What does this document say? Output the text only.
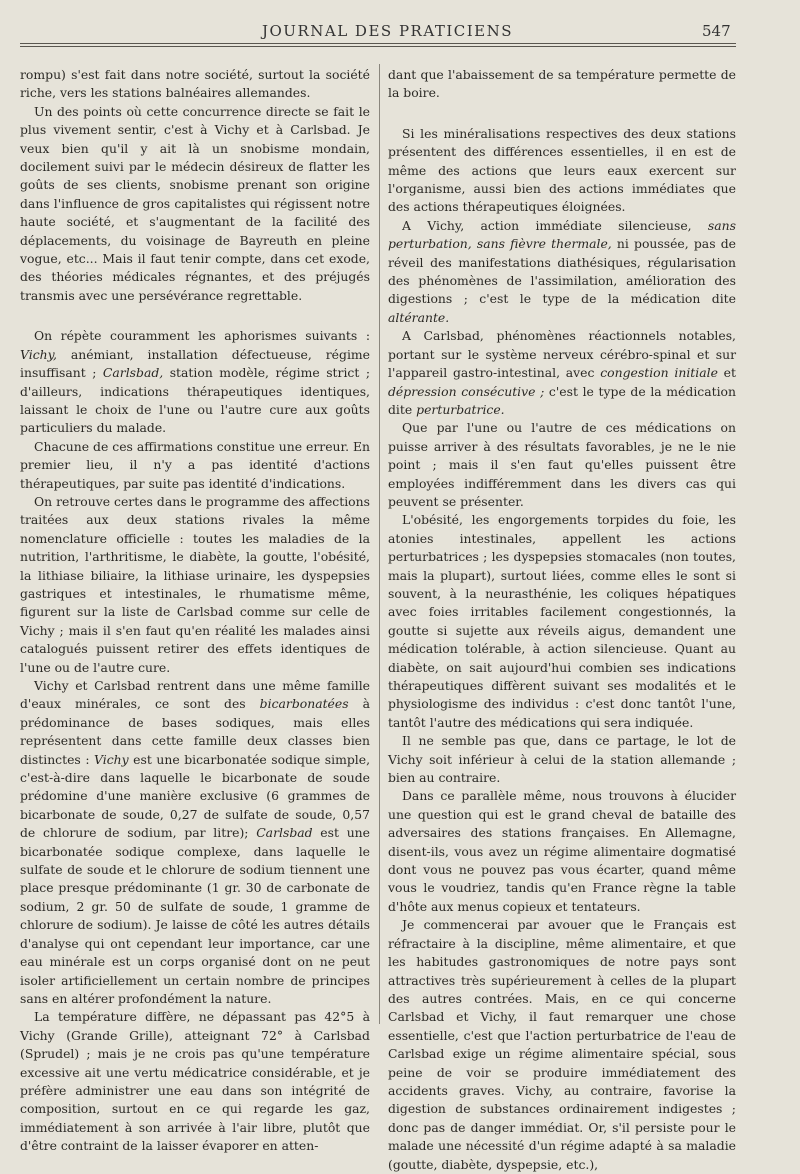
JOURNAL DES PRATICIENS	547

rompu) s'est fait dans notre société, surtout la société riche, vers les stations balnéaires allemandes.

Un des points où cette concurrence directe se fait le plus vivement sentir, c'est à Vichy et à Carlsbad. Je veux bien qu'il y ait là un snobisme mondain, docilement suivi par le médecin désireux de flatter les goûts de ses clients, snobisme prenant son origine dans l'influence de gros capitalistes qui régissent notre haute société, et s'augmentant de la facilité des déplacements, du voisinage de Bayreuth en pleine vogue, etc... Mais il faut tenir compte, dans cet exode, des théories médicales régnantes, et des préjugés transmis avec une persévérance regrettable.

On répète couramment les aphorismes suivants : Vichy, anémiant, installation défectueuse, régime insuffisant ; Carlsbad, station modèle, régime strict ; d'ailleurs, indications thérapeutiques identiques, laissant le choix de l'une ou l'autre cure aux goûts particuliers du malade.

Chacune de ces affirmations constitue une erreur. En premier lieu, il n'y a pas identité d'actions thérapeutiques, par suite pas identité d'indications.

On retrouve certes dans le programme des affections traitées aux deux stations rivales la même nomenclature officielle : toutes les maladies de la nutrition, l'arthritisme, le diabète, la goutte, l'obésité, la lithiase biliaire, la lithiase urinaire, les dyspepsies gastriques et intestinales, le rhumatisme même, figurent sur la liste de Carlsbad comme sur celle de Vichy ; mais il s'en faut qu'en réalité les malades ainsi catalogués puissent retirer des effets identiques de l'une ou de l'autre cure.

Vichy et Carlsbad rentrent dans une même famille d'eaux minérales, ce sont des bicarbonatées à prédominance de bases sodiques, mais elles représentent dans cette famille deux classes bien distinctes : Vichy est une bicarbonatée sodique simple, c'est-à-dire dans laquelle le bicarbonate de soude prédomine d'une manière exclusive (6 grammes de bicarbonate de soude, 0,27 de sulfate de soude, 0,57 de chlorure de sodium, par litre); Carlsbad est une bicarbonatée sodique complexe, dans laquelle le sulfate de soude et le chlorure de sodium tiennent une place presque prédominante (1 gr. 30 de carbonate de sodium, 2 gr. 50 de sulfate de soude, 1 gramme de chlorure de sodium). Je laisse de côté les autres détails d'analyse qui ont cependant leur importance, car une eau minérale est un corps organisé dont on ne peut isoler artificiellement un certain nombre de principes sans en altérer profondément la nature.

La température diffère, ne dépassant pas 42°5 à Vichy (Grande Grille), atteignant 72° à Carlsbad (Sprudel) ; mais je ne crois pas qu'une température excessive ait une vertu médicatrice considérable, et je préfère administrer une eau dans son intégrité de composition, surtout en ce qui regarde les gaz, immédiatement à son arrivée à l'air libre, plutôt que d'être contraint de la laisser évaporer en atten-

dant que l'abaissement de sa température permette de la boire.

Si les minéralisations respectives des deux stations présentent des différences essentielles, il en est de même des actions que leurs eaux exercent sur l'organisme, aussi bien des actions immédiates que des actions thérapeutiques éloignées.

A Vichy, action immédiate silencieuse, sans perturbation, sans fièvre thermale, ni poussée, pas de réveil des manifestations diathésiques, régularisation des phénomènes de l'assimilation, amélioration des digestions ; c'est le type de la médication dite altérante.

A Carlsbad, phénomènes réactionnels notables, portant sur le système nerveux cérébro-spinal et sur l'appareil gastro-intestinal, avec congestion initiale et dépression consécutive ; c'est le type de la médication dite perturbatrice.

Que par l'une ou l'autre de ces médications on puisse arriver à des résultats favorables, je ne le nie point ; mais il s'en faut qu'elles puissent être employées indifféremment dans les divers cas qui peuvent se présenter.

L'obésité, les engorgements torpides du foie, les atonies intestinales, appellent les actions perturbatrices ; les dyspepsies stomacales (non toutes, mais la plupart), surtout liées, comme elles le sont si souvent, à la neurasthénie, les coliques hépatiques avec foies irritables facilement congestionnés, la goutte si sujette aux réveils aigus, demandent une médication tolérable, à action silencieuse. Quant au diabète, on sait aujourd'hui combien ses indications thérapeutiques diffèrent suivant ses modalités et le physiologisme des individus : c'est donc tantôt l'une, tantôt l'autre des médications qui sera indiquée.

Il ne semble pas que, dans ce partage, le lot de Vichy soit inférieur à celui de la station allemande ; bien au contraire.

Dans ce parallèle même, nous trouvons à élucider une question qui est le grand cheval de bataille des adversaires des stations françaises. En Allemagne, disent-ils, vous avez un régime alimentaire dogmatisé dont vous ne pouvez pas vous écarter, quand même vous le voudriez, tandis qu'en France règne la table d'hôte aux menus copieux et tentateurs.

Je commencerai par avouer que le Français est réfractaire à la discipline, même alimentaire, et que les habitudes gastronomiques de notre pays sont attractives très supérieurement à celles de la plupart des autres contrées. Mais, en ce qui concerne Carlsbad et Vichy, il faut remarquer une chose essentielle, c'est que l'action perturbatrice de l'eau de Carlsbad exige un régime alimentaire spécial, sous peine de voir se produire immédiatement des accidents graves. Vichy, au contraire, favorise la digestion de substances ordinairement indigestes ; donc pas de danger immédiat. Or, s'il persiste pour le malade une nécessité d'un régime adapté à sa maladie (goutte, diabète, dyspepsie, etc.),
